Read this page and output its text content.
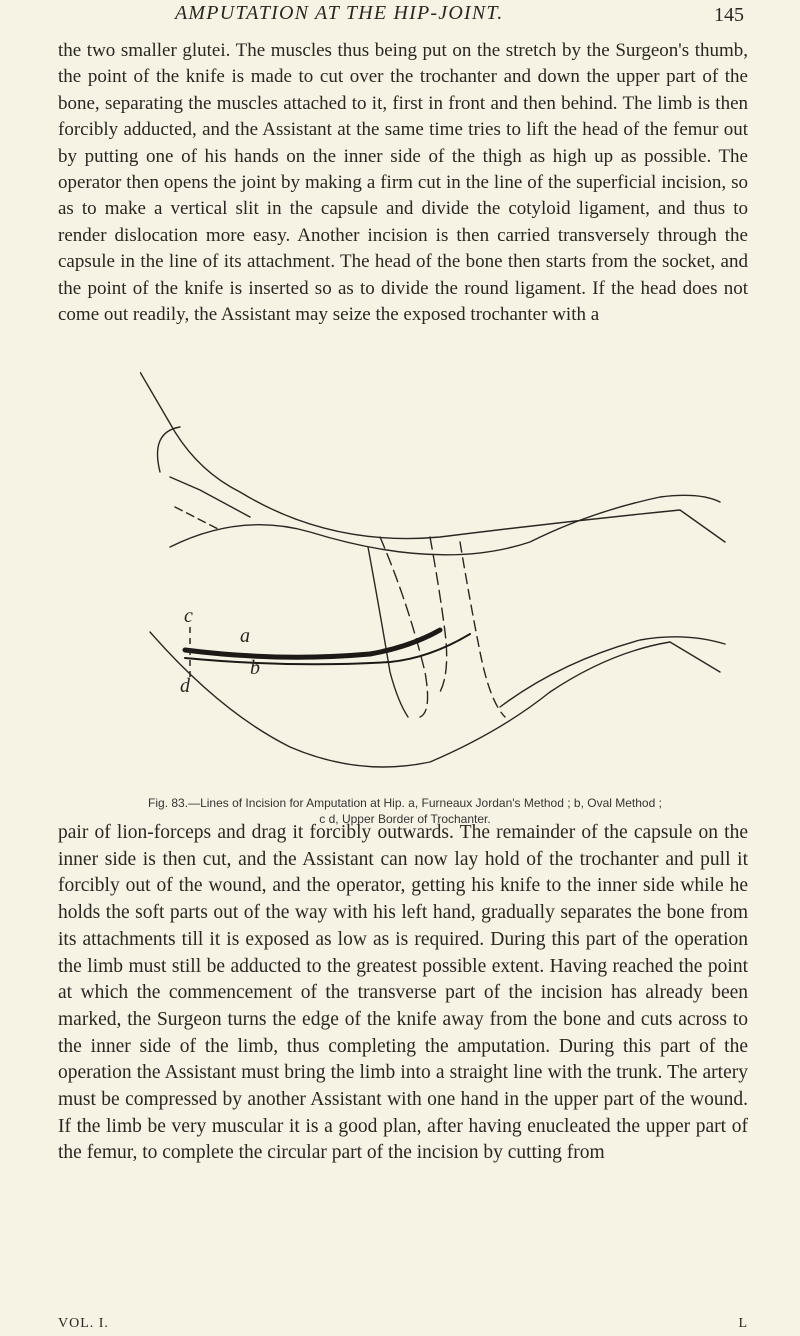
AMPUTATION AT THE HIP-JOINT.	145

the two smaller glutei. The muscles thus being put on the stretch by the Surgeon's thumb, the point of the knife is made to cut over the trochanter and down the upper part of the bone, separating the muscles attached to it, first in front and then behind. The limb is then forcibly adducted, and the Assistant at the same time tries to lift the head of the femur out by putting one of his hands on the inner side of the thigh as high up as possible. The operator then opens the joint by making a firm cut in the line of the superficial incision, so as to make a vertical slit in the capsule and divide the cotyloid ligament, and thus to render dislocation more easy. Another incision is then carried transversely through the capsule in the line of its attachment. The head of the bone then starts from the socket, and the point of the knife is inserted so as to divide the round ligament. If the head does not come out readily, the Assistant may seize the exposed trochanter with a

c
a
b
d
Fig. 83.—Lines of Incision for Amputation at Hip. a, Furneaux Jordan's Method ; b, Oval Method ;
c d, Upper Border of Trochanter.

pair of lion-forceps and drag it forcibly outwards. The remainder of the capsule on the inner side is then cut, and the Assistant can now lay hold of the trochanter and pull it forcibly out of the wound, and the operator, getting his knife to the inner side while he holds the soft parts out of the way with his left hand, gradually separates the bone from its attachments till it is exposed as low as is required. During this part of the operation the limb must still be adducted to the greatest possible extent. Having reached the point at which the commencement of the transverse part of the incision has already been marked, the Surgeon turns the edge of the knife away from the bone and cuts across to the inner side of the limb, thus completing the amputation. During this part of the operation the Assistant must bring the limb into a straight line with the trunk. The artery must be compressed by another Assistant with one hand in the upper part of the wound. If the limb be very muscular it is a good plan, after having enucleated the upper part of the femur, to complete the circular part of the incision by cutting from

VOL. I.	L
